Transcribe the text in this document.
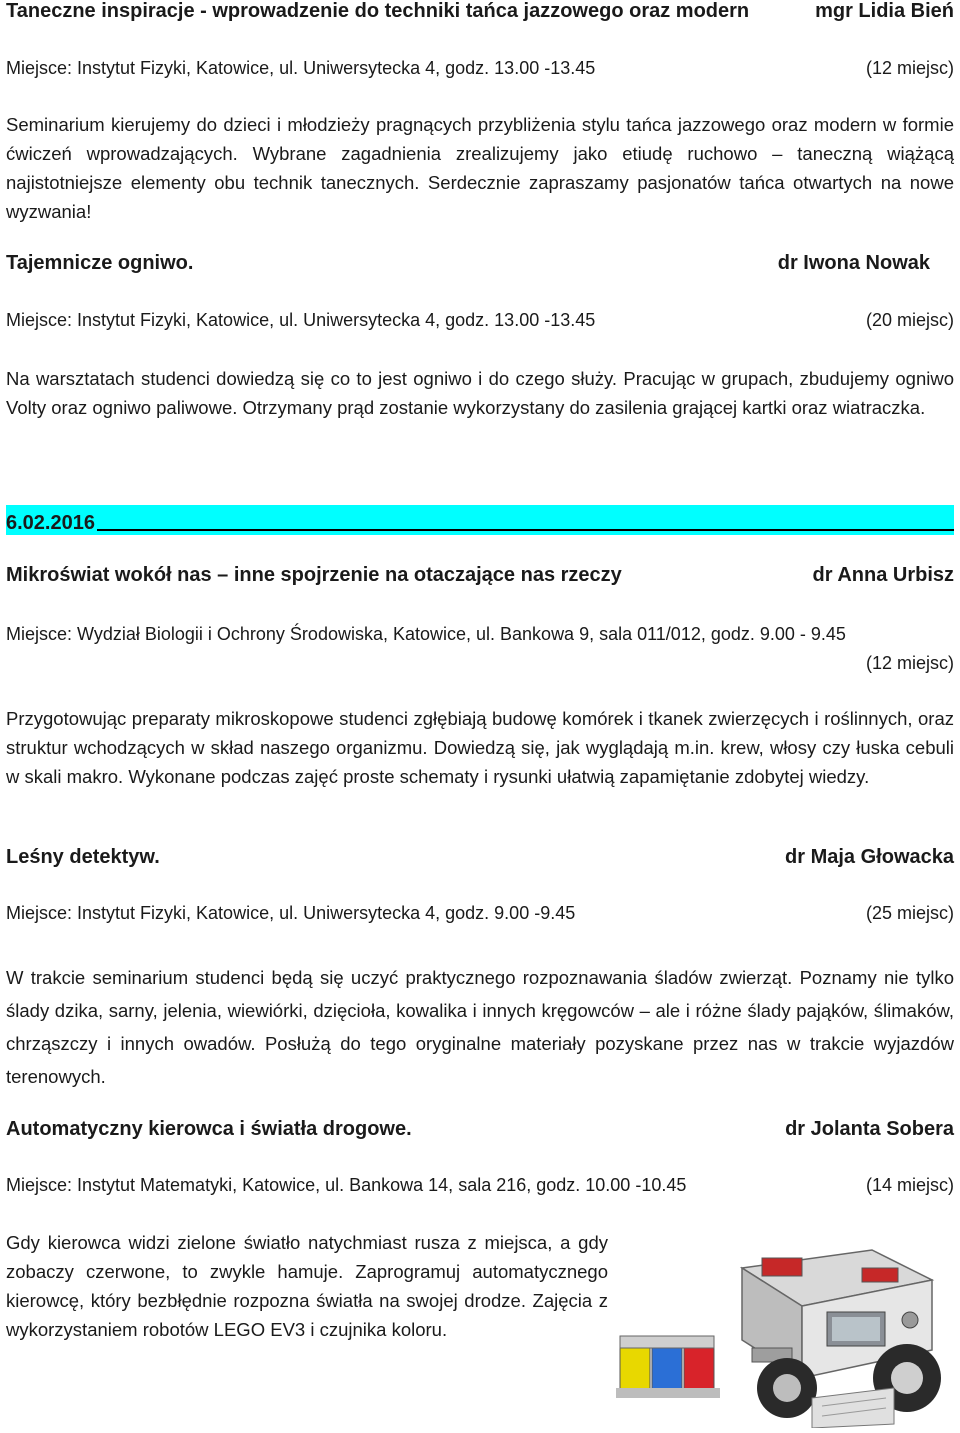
Taneczne inspiracje - wprowadzenie do techniki tańca jazzowego oraz modern	mgr Lidia Bień
Miejsce: Instytut Fizyki, Katowice, ul. Uniwersytecka 4, godz. 13.00 -13.45	(12 miejsc)
Seminarium kierujemy do dzieci i młodzieży pragnących przybliżenia stylu tańca jazzowego oraz modern w formie ćwiczeń wprowadzających. Wybrane zagadnienia zrealizujemy jako etiudę ruchowo – taneczną wiążącą najistotniejsze elementy obu technik tanecznych. Serdecznie zapraszamy pasjonatów tańca otwartych na nowe wyzwania!
Tajemnicze ogniwo.	dr Iwona Nowak
Miejsce: Instytut Fizyki, Katowice, ul. Uniwersytecka 4, godz. 13.00 -13.45	(20 miejsc)
Na warsztatach studenci dowiedzą się co to jest ogniwo i do czego służy. Pracując w grupach, zbudujemy ogniwo Volty oraz ogniwo paliwowe. Otrzymany prąd zostanie wykorzystany do zasilenia grającej kartki oraz wiatraczka.
6.02.2016
Mikroświat wokół nas – inne spojrzenie na otaczające nas rzeczy	dr Anna Urbisz
Miejsce: Wydział Biologii i Ochrony Środowiska, Katowice, ul. Bankowa 9, sala 011/012, godz. 9.00 - 9.45
(12 miejsc)
Przygotowując preparaty mikroskopowe studenci zgłębiają budowę komórek i tkanek zwierzęcych i roślinnych, oraz struktur wchodzących w skład naszego organizmu. Dowiedzą się, jak wyglądają m.in. krew, włosy czy łuska cebuli w skali makro. Wykonane podczas zajęć proste schematy i rysunki ułatwią zapamiętanie zdobytej wiedzy.
Leśny detektyw.	dr Maja Głowacka
Miejsce: Instytut Fizyki, Katowice, ul. Uniwersytecka 4, godz. 9.00 -9.45	(25 miejsc)
W trakcie seminarium studenci będą się uczyć praktycznego rozpoznawania śladów zwierząt. Poznamy nie tylko ślady dzika, sarny, jelenia, wiewiórki, dzięcioła, kowalika i innych kręgowców – ale i różne ślady pająków, ślimaków, chrząszczy i innych owadów. Posłużą do tego oryginalne materiały pozyskane przez nas w trakcie wyjazdów terenowych.
Automatyczny kierowca i światła drogowe.	dr Jolanta Sobera
Miejsce: Instytut Matematyki, Katowice, ul. Bankowa 14, sala 216, godz. 10.00 -10.45	(14 miejsc)
Gdy kierowca widzi zielone światło natychmiast rusza z miejsca, a gdy zobaczy czerwone, to zwykle hamuje. Zaprogramuj automatycznego kierowcę, który bezbłędnie rozpozna światła na swojej drodze. Zajęcia z wykorzystaniem robotów LEGO EV3 i czujnika koloru.
